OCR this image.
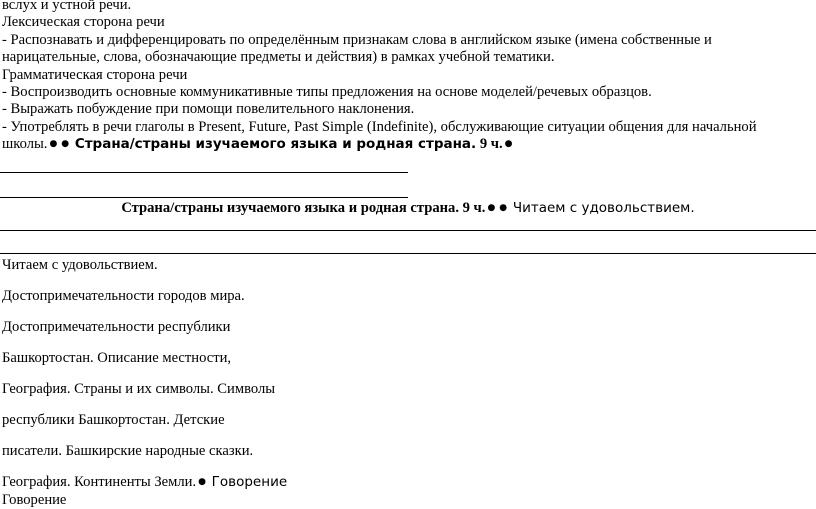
вслух и устной речи.
Лексическая сторона речи
- Распознавать и дифференцировать по определённым признакам слова в английском языке (имена собственные и
нарицательные, слова, обозначающие предметы и действия) в рамках учебной тематики.
Грамматическая сторона речи
- Воспроизводить основные коммуникативные типы предложения на основе моделей/речевых образцов.
- Выражать побуждение при помощи повелительного наклонения.
- Употреблять в речи глаголы в Present, Future, Past Simple (Indefinite), обслуживающие ситуации общения для начальной
школы. ● ● Страна/страны изучаемого языка и родная страна. 9 ч. ●
Страна/страны изучаемого языка и родная страна. 9 ч. ● ● Читаем с удовольствием.
Читаем с удовольствием.
Достопримечательности городов мира.
Достопримечательности республики
Башкортостан. Описание местности,
География. Страны и их символы. Символы
республики Башкортостан. Детские
писатели. Башкирские народные сказки.
География. Континенты Земли. ● Говорение
Говорение
